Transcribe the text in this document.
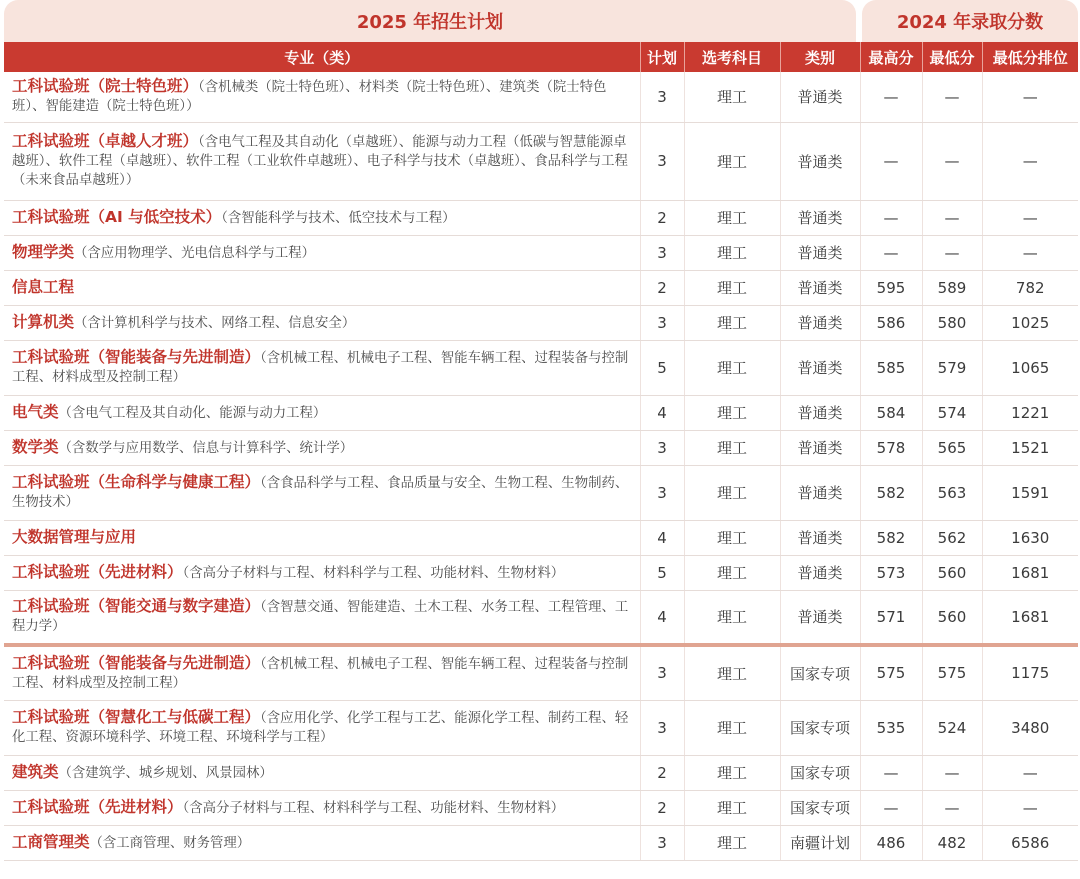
2025 年招生计划	2024 年录取分数
专业（类）	计划	选考科目	类别	最高分	最低分	最低分排位
工科试验班（院士特色班）（含机械类（院士特色班）、材料类（院士特色班）、建筑类（院士特色班）、智能建造（院士特色班））	3	理工	普通类	—	—	—
工科试验班（卓越人才班）（含电气工程及其自动化（卓越班）、能源与动力工程（低碳与智慧能源卓越班）、软件工程（卓越班）、软件工程（工业软件卓越班）、电子科学与技术（卓越班）、食品科学与工程（未来食品卓越班））	3	理工	普通类	—	—	—
工科试验班（AI 与低空技术）（含智能科学与技术、低空技术与工程）	2	理工	普通类	—	—	—
物理学类（含应用物理学、光电信息科学与工程）	3	理工	普通类	—	—	—
信息工程	2	理工	普通类	595	589	782
计算机类（含计算机科学与技术、网络工程、信息安全）	3	理工	普通类	586	580	1025
工科试验班（智能装备与先进制造）（含机械工程、机械电子工程、智能车辆工程、过程装备与控制工程、材料成型及控制工程）	5	理工	普通类	585	579	1065
电气类（含电气工程及其自动化、能源与动力工程）	4	理工	普通类	584	574	1221
数学类（含数学与应用数学、信息与计算科学、统计学）	3	理工	普通类	578	565	1521
工科试验班（生命科学与健康工程）（含食品科学与工程、食品质量与安全、生物工程、生物制药、生物技术）	3	理工	普通类	582	563	1591
大数据管理与应用	4	理工	普通类	582	562	1630
工科试验班（先进材料）（含高分子材料与工程、材料科学与工程、功能材料、生物材料）	5	理工	普通类	573	560	1681
工科试验班（智能交通与数字建造）（含智慧交通、智能建造、土木工程、水务工程、工程管理、工程力学）	4	理工	普通类	571	560	1681
工科试验班（智能装备与先进制造）（含机械工程、机械电子工程、智能车辆工程、过程装备与控制工程、材料成型及控制工程）	3	理工	国家专项	575	575	1175
工科试验班（智慧化工与低碳工程）（含应用化学、化学工程与工艺、能源化学工程、制药工程、轻化工程、资源环境科学、环境工程、环境科学与工程）	3	理工	国家专项	535	524	3480
建筑类（含建筑学、城乡规划、风景园林）	2	理工	国家专项	—	—	—
工科试验班（先进材料）（含高分子材料与工程、材料科学与工程、功能材料、生物材料）	2	理工	国家专项	—	—	—
工商管理类（含工商管理、财务管理）	3	理工	南疆计划	486	482	6586
